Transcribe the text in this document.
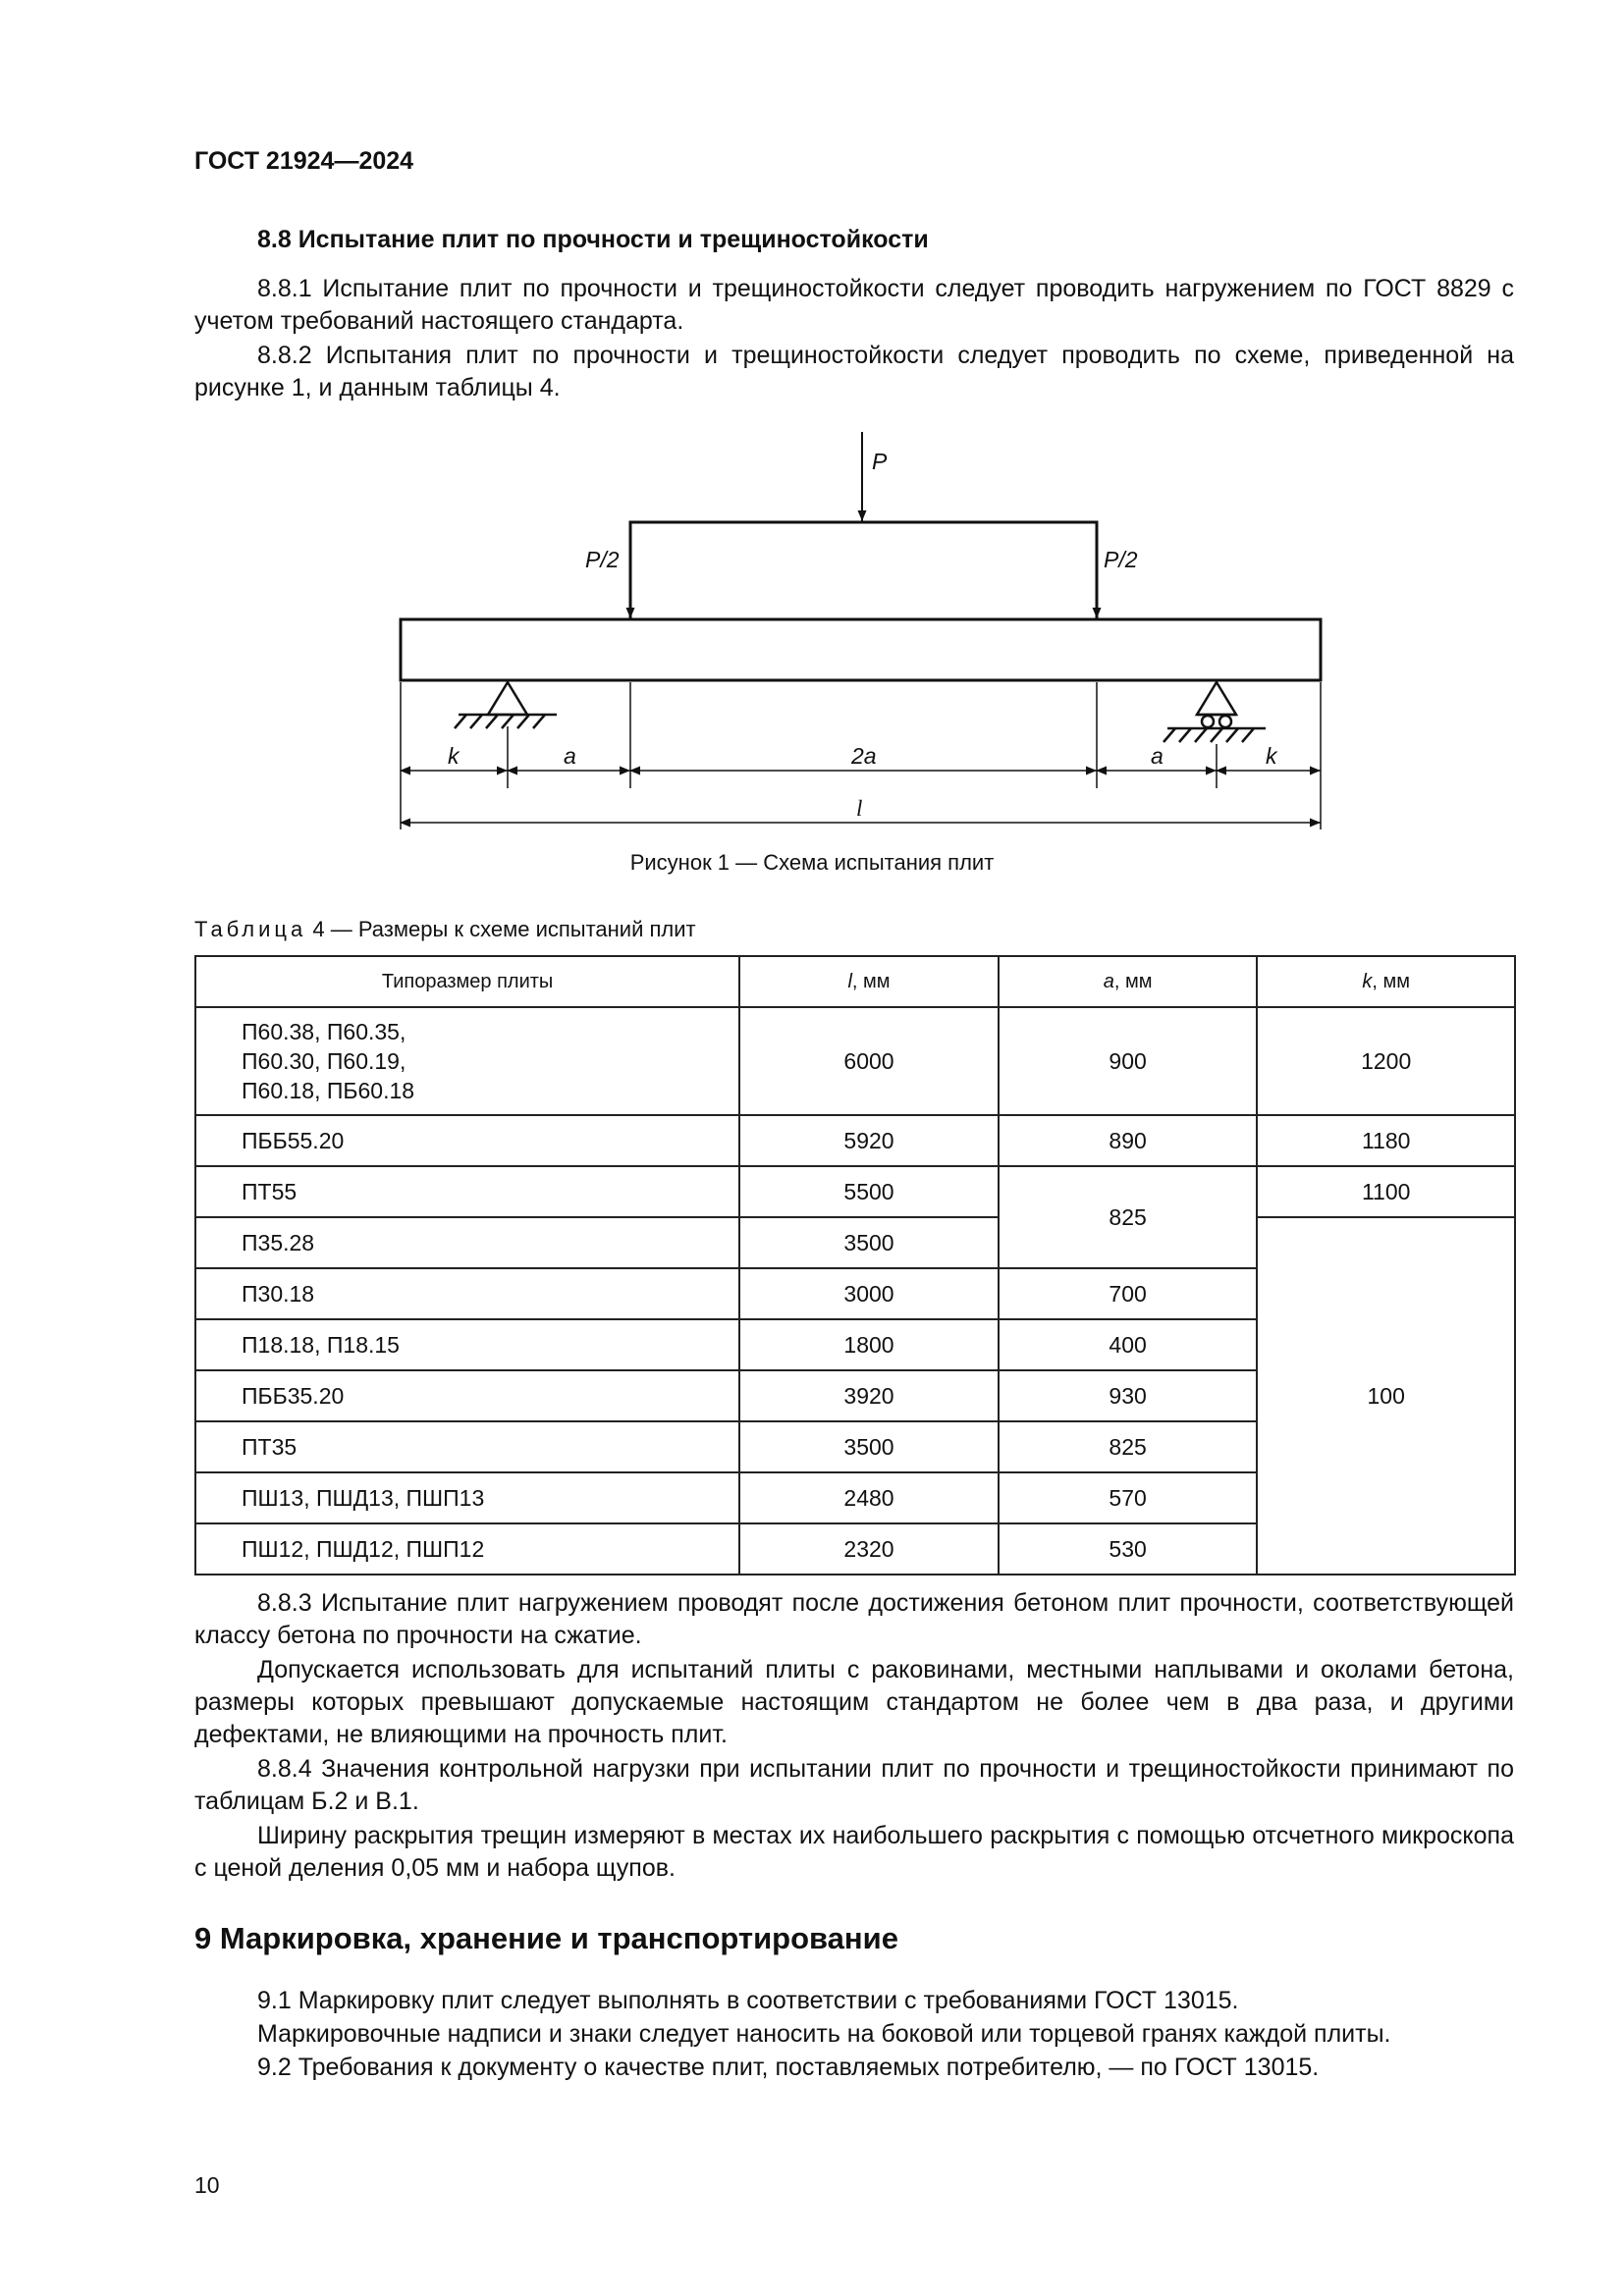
ГОСТ 21924—2024
8.8 Испытание плит по прочности и трещиностойкости

8.8.1 Испытание плит по прочности и трещиностойкости следует проводить нагружением по ГОСТ 8829 с учетом требований настоящего стандарта.

8.8.2 Испытания плит по прочности и трещиностойкости следует проводить по схеме, приведенной на рисунке 1, и данным таблицы 4.

P
P/2	P/2
k	a	2a	a	k
l
Рисунок 1 — Схема испытания плит
Таблица 4 — Размеры к схеме испытаний плит
Типоразмер плиты	l, мм	a, мм	k, мм

П60.38, П60.35,
П60.30, П60.19,
П60.18, ПБ60.18	6000	900	1200
ПББ55.20	5920	890	1180
ПТ55	5500	825	1100
П35.28	3500		100
П30.18	3000	700	
П18.18, П18.15	1800	400	
ПББ35.20	3920	930	
ПТ35	3500	825	
ПШ13, ПШД13, ПШП13	2480	570	
ПШ12, ПШД12, ПШП12	2320	530	

8.8.3 Испытание плит нагружением проводят после достижения бетоном плит прочности, соответствующей классу бетона по прочности на сжатие.

Допускается использовать для испытаний плиты с раковинами, местными наплывами и околами бетона, размеры которых превышают допускаемые настоящим стандартом не более чем в два раза, и другими дефектами, не влияющими на прочность плит.

8.8.4 Значения контрольной нагрузки при испытании плит по прочности и трещиностойкости принимают по таблицам Б.2 и В.1.

Ширину раскрытия трещин измеряют в местах их наибольшего раскрытия с помощью отсчетного микроскопа с ценой деления 0,05 мм и набора щупов.

9 Маркировка, хранение и транспортирование

9.1 Маркировку плит следует выполнять в соответствии с требованиями ГОСТ 13015.

Маркировочные надписи и знаки следует наносить на боковой или торцевой гранях каждой плиты.

9.2 Требования к документу о качестве плит, поставляемых потребителю, — по ГОСТ 13015.

10
